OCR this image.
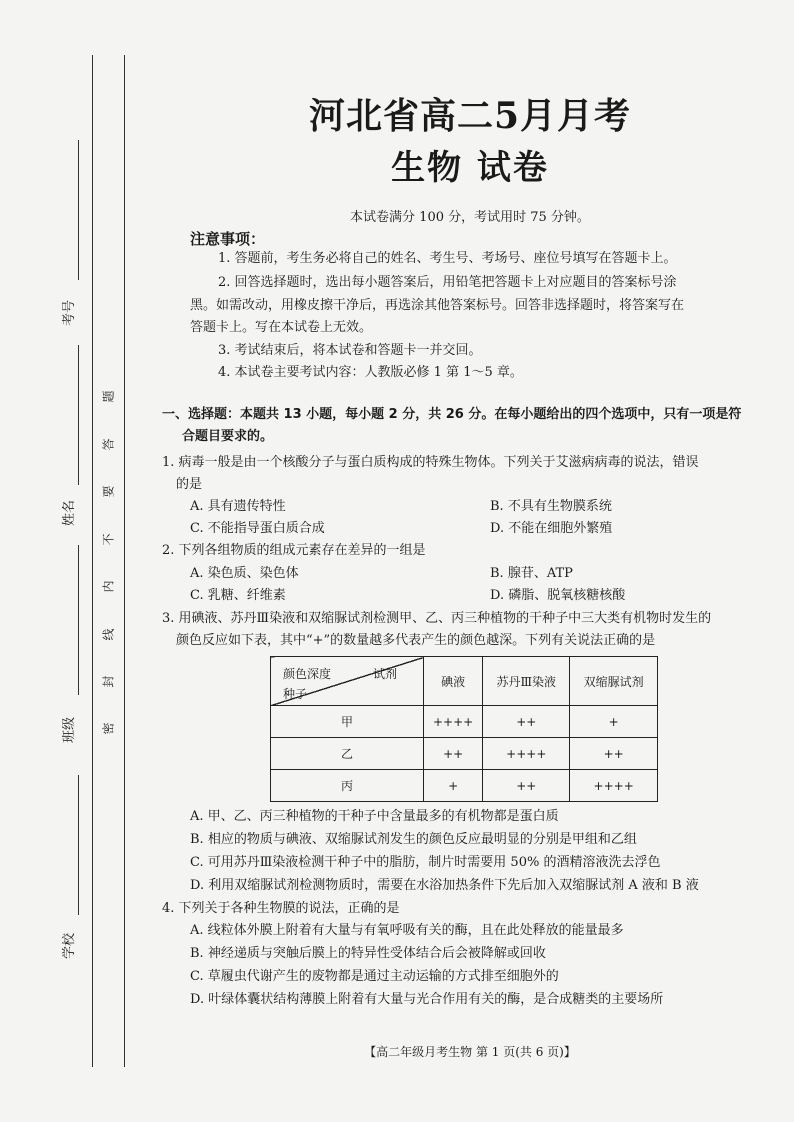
考号
姓名
班级
学校
题
答
要
不
内
线
封
密
河北省高二5月月考
生物 试卷
本试卷满分 100 分，考试用时 75 分钟。
注意事项：
1. 答题前，考生务必将自己的姓名、考生号、考场号、座位号填写在答题卡上。
2. 回答选择题时，选出每小题答案后，用铅笔把答题卡上对应题目的答案标号涂
黑。如需改动，用橡皮擦干净后，再选涂其他答案标号。回答非选择题时，将答案写在
答题卡上。写在本试卷上无效。
3. 考试结束后，将本试卷和答题卡一并交回。
4. 本试卷主要考试内容：人教版必修 1 第 1～5 章。
一、选择题：本题共 13 小题，每小题 2 分，共 26 分。在每小题给出的四个选项中，只有一项是符
合题目要求的。
1. 病毒一般是由一个核酸分子与蛋白质构成的特殊生物体。下列关于艾滋病病毒的说法，错误
的是
A. 具有遗传特性	B. 不具有生物膜系统
C. 不能指导蛋白质合成	D. 不能在细胞外繁殖
2. 下列各组物质的组成元素存在差异的一组是
A. 染色质、染色体	B. 腺苷、ATP
C. 乳糖、纤维素	D. 磷脂、脱氧核糖核酸
3. 用碘液、苏丹Ⅲ染液和双缩脲试剂检测甲、乙、丙三种植物的干种子中三大类有机物时发生的
颜色反应如下表，其中“+”的数量越多代表产生的颜色越深。下列有关说法正确的是
颜色深度 试剂
种子	碘液	苏丹Ⅲ染液	双缩脲试剂
甲	++++	++	+
乙	++	++++	++
丙	+	++	++++
A. 甲、乙、丙三种植物的干种子中含量最多的有机物都是蛋白质
B. 相应的物质与碘液、双缩脲试剂发生的颜色反应最明显的分别是甲组和乙组
C. 可用苏丹Ⅲ染液检测干种子中的脂肪，制片时需要用 50% 的酒精溶液洗去浮色
D. 利用双缩脲试剂检测物质时，需要在水浴加热条件下先后加入双缩脲试剂 A 液和 B 液
4. 下列关于各种生物膜的说法，正确的是
A. 线粒体外膜上附着有大量与有氧呼吸有关的酶，且在此处释放的能量最多
B. 神经递质与突触后膜上的特异性受体结合后会被降解或回收
C. 草履虫代谢产生的废物都是通过主动运输的方式排至细胞外的
D. 叶绿体囊状结构薄膜上附着有大量与光合作用有关的酶，是合成糖类的主要场所
【高二年级月考生物 第 1 页(共 6 页)】
